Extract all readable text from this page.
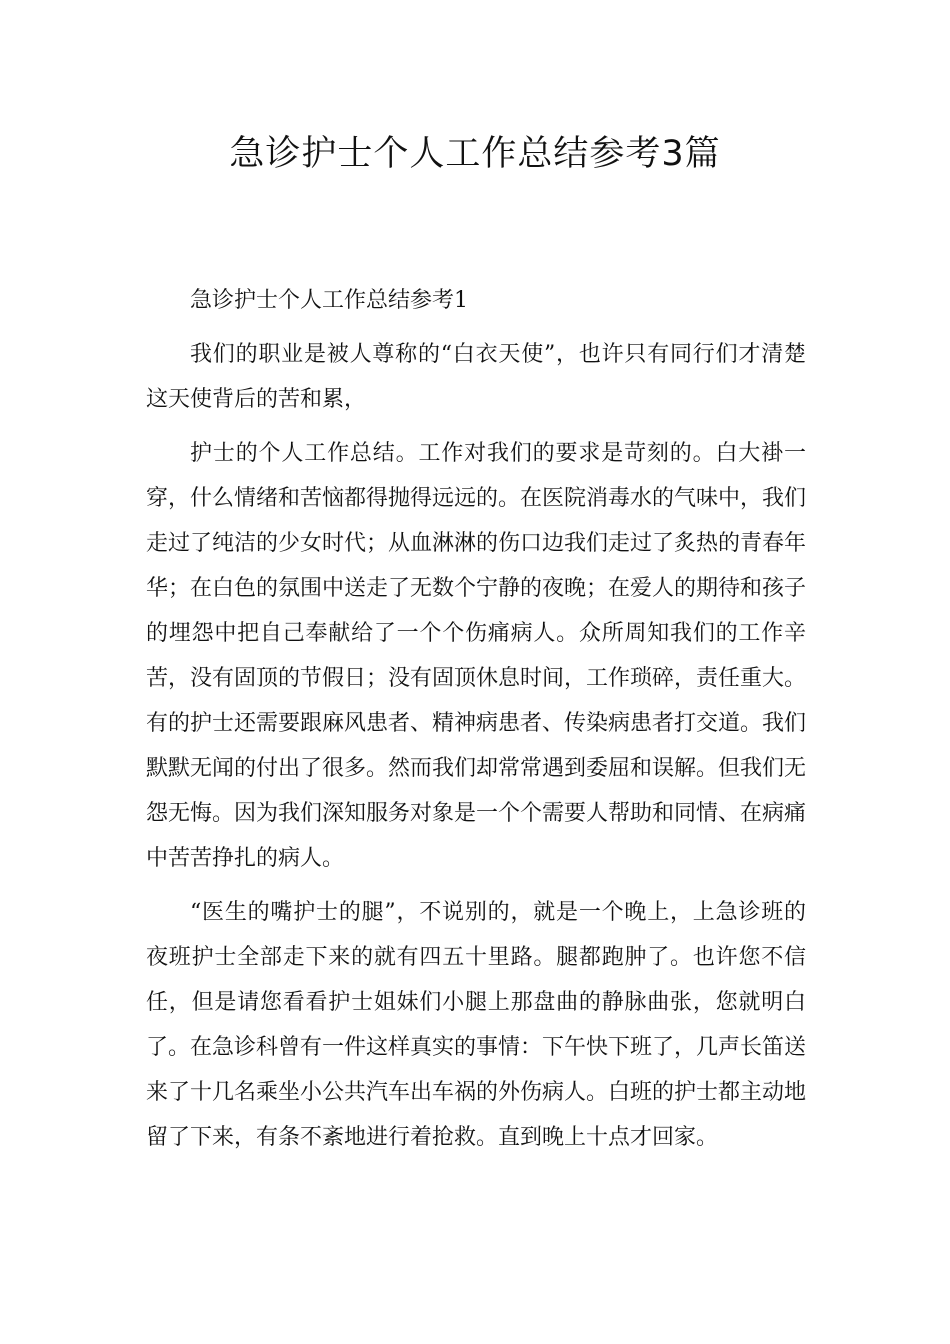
急诊护士个人工作总结参考3篇

急诊护士个人工作总结参考1

我们的职业是被人尊称的“白衣天使”，也许只有同行们才清楚这天使背后的苦和累，

护士的个人工作总结。工作对我们的要求是苛刻的。白大褂一穿，什么情绪和苦恼都得抛得远远的。在医院消毒水的气味中，我们走过了纯洁的少女时代；从血淋淋的伤口边我们走过了炙热的青春年华；在白色的氛围中送走了无数个宁静的夜晚；在爱人的期待和孩子的埋怨中把自己奉献给了一个个伤痛病人。众所周知我们的工作辛苦，没有固顶的节假日；没有固顶休息时间，工作琐碎，责任重大。有的护士还需要跟麻风患者、精神病患者、传染病患者打交道。我们默默无闻的付出了很多。然而我们却常常遇到委屈和误解。但我们无怨无悔。因为我们深知服务对象是一个个需要人帮助和同情、在病痛中苦苦挣扎的病人。

“医生的嘴护士的腿”，不说别的，就是一个晚上，上急诊班的夜班护士全部走下来的就有四五十里路。腿都跑肿了。也许您不信任，但是请您看看护士姐妹们小腿上那盘曲的静脉曲张，您就明白了。在急诊科曾有一件这样真实的事情：下午快下班了，几声长笛送来了十几名乘坐小公共汽车出车祸的外伤病人。白班的护士都主动地留了下来，有条不紊地进行着抢救。直到晚上十点才回家。
